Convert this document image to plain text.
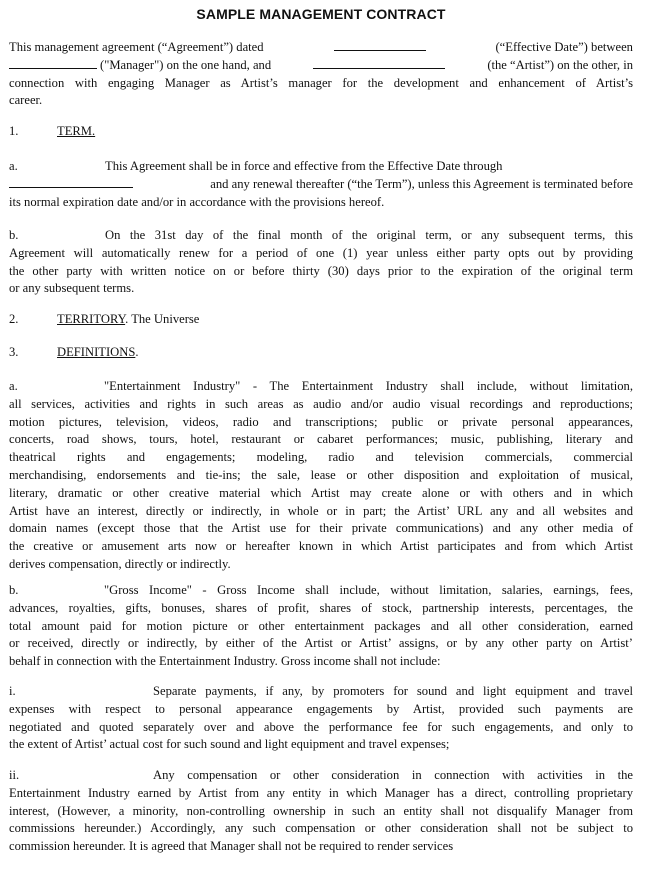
SAMPLE MANAGEMENT CONTRACT
This management agreement (“Agreement”) dated	(“Effective Date”) between
("Manager") on the one hand, and	(the “Artist”) on the other, in
connection with engaging Manager as Artist’s manager for the development and enhancement of Artist’s
career.
1.	TERM.
a.	This Agreement shall be in force and effective from the Effective Date through
and any renewal thereafter (“the Term”), unless this Agreement is terminated before
its normal expiration date and/or in accordance with the provisions hereof.
b.	On the 31st day of the final month of the original term, or any subsequent terms, this
Agreement will automatically renew for a period of one (1) year unless either party opts out by providing
the other party with written notice on or before thirty (30) days prior to the expiration of the original term
or any subsequent terms.
2.	TERRITORY. The Universe
3.	DEFINITIONS.
a.	"Entertainment Industry" - The Entertainment Industry shall include, without limitation,
all services, activities and rights in such areas as audio and/or audio visual recordings and reproductions;
motion pictures, television, videos, radio and transcriptions; public or private personal appearances,
concerts, road shows, tours, hotel, restaurant or cabaret performances; music, publishing, literary and
theatrical rights and engagements; modeling, radio and television commercials, commercial
merchandising, endorsements and tie-ins; the sale, lease or other disposition and exploitation of musical,
literary, dramatic or other creative material which Artist may create alone or with others and in which
Artist have an interest, directly or indirectly, in whole or in part; the Artist’ URL any and all websites and
domain names (except those that the Artist use for their private communications) and any other media of
the creative or amusement arts now or hereafter known in which Artist participates and from which Artist
derives compensation, directly or indirectly.
b.	"Gross Income" - Gross Income shall include, without limitation, salaries, earnings, fees,
advances, royalties, gifts, bonuses, shares of profit, shares of stock, partnership interests, percentages, the
total amount paid for motion picture or other entertainment packages and all other consideration, earned
or received, directly or indirectly, by either of the Artist or Artist’ assigns, or by any other party on Artist’
behalf in connection with the Entertainment Industry. Gross income shall not include:
i.	Separate payments, if any, by promoters for sound and light equipment and travel
expenses with respect to personal appearance engagements by Artist, provided such payments are
negotiated and quoted separately over and above the performance fee for such engagements, and only to
the extent of Artist’ actual cost for such sound and light equipment and travel expenses;
ii.	Any compensation or other consideration in connection with activities in the
Entertainment Industry earned by Artist from any entity in which Manager has a direct, controlling proprietary
interest, (However, a minority, non-controlling ownership in such an entity shall not disqualify Manager from
commissions hereunder.) Accordingly, any such compensation or other consideration shall not be subject to
commission hereunder. It is agreed that Manager shall not be required to render services
